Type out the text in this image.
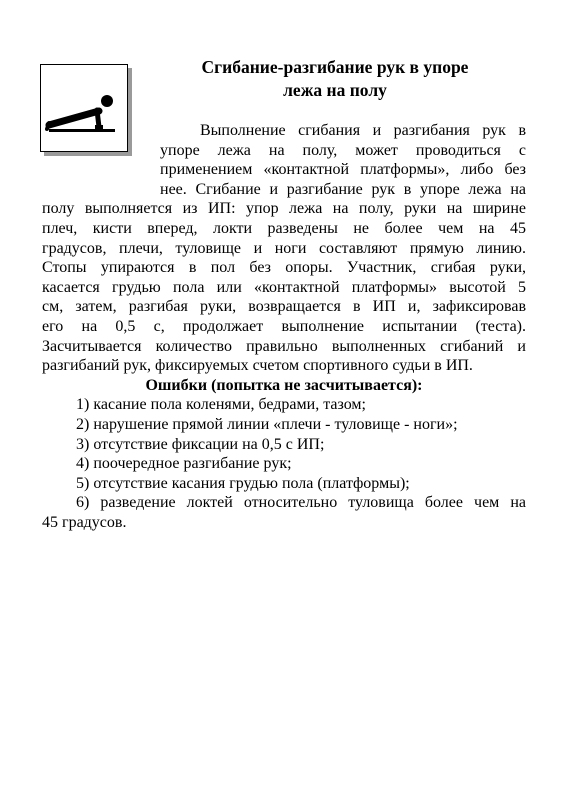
Сгибание-разгибание рук в упоре
лежа на полу

Выполнение сгибания и разгибания рук в
упоре лежа на полу, может проводиться с
применением «контактной платформы», либо без
нее. Сгибание и разгибание рук в упоре лежа на
полу выполняется из ИП: упор лежа на полу, руки на ширине
плеч, кисти вперед, локти разведены не более чем на 45
градусов, плечи, туловище и ноги составляют прямую линию.
Стопы упираются в пол без опоры. Участник, сгибая руки,
касается грудью пола или «контактной платформы» высотой 5
см, затем, разгибая руки, возвращается в ИП и, зафиксировав
его на 0,5 с, продолжает выполнение испытании (теста).
Засчитывается количество правильно выполненных сгибаний и
разгибаний рук, фиксируемых счетом спортивного судьи в ИП.

Ошибки (попытка не засчитывается):

1) касание пола коленями, бедрами, тазом;

2) нарушение прямой линии «плечи - туловище - ноги»;

3) отсутствие фиксации на 0,5 с ИП;

4) поочередное разгибание рук;

5) отсутствие касания грудью пола (платформы);

6) разведение локтей относительно туловища более чем на
45 градусов.
